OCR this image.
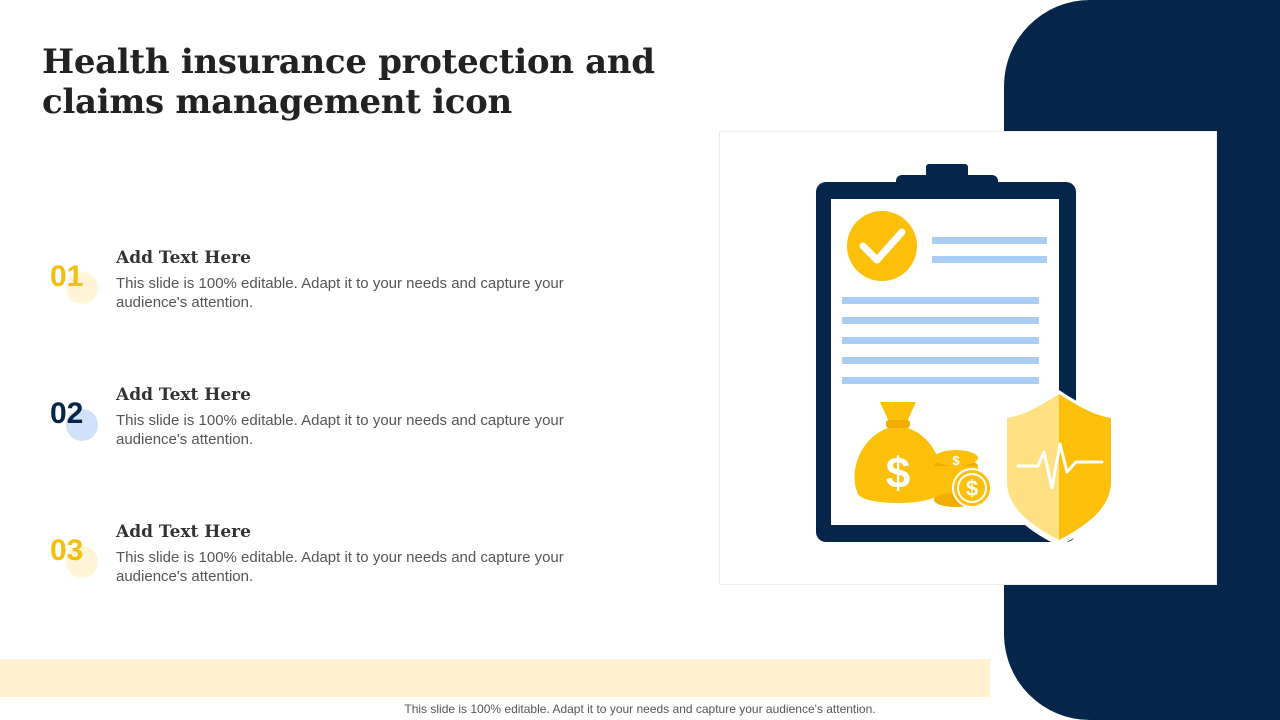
Health insurance protection and claims management icon
01
Add Text Here
This slide is 100% editable. Adapt it to your needs and capture your audience's attention.
02
Add Text Here
This slide is 100% editable. Adapt it to your needs and capture your audience's attention.
03
Add Text Here
This slide is 100% editable. Adapt it to your needs and capture your audience's attention.
$	$
$
This slide is 100% editable. Adapt it to your needs and capture your audience's attention.
